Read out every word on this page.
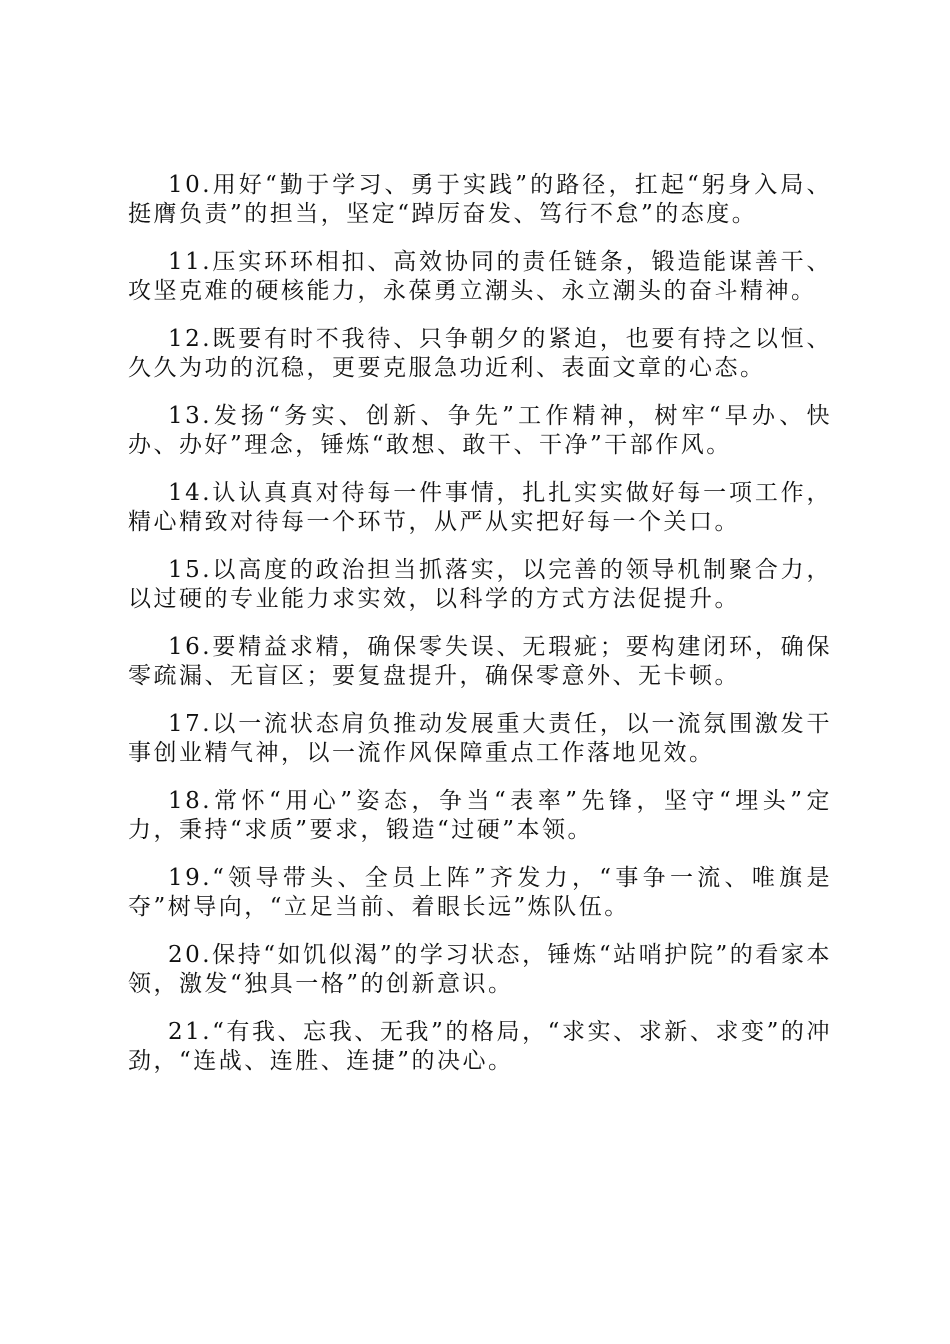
10.用好“勤于学习、勇于实践”的路径，扛起“躬身入局、挺膺负责”的担当，坚定“踔厉奋发、笃行不怠”的态度。

11.压实环环相扣、高效协同的责任链条，锻造能谋善干、攻坚克难的硬核能力，永葆勇立潮头、永立潮头的奋斗精神。

12.既要有时不我待、只争朝夕的紧迫，也要有持之以恒、久久为功的沉稳，更要克服急功近利、表面文章的心态。

13.发扬“务实、创新、争先”工作精神，树牢“早办、快办、办好”理念，锤炼“敢想、敢干、干净”干部作风。

14.认认真真对待每一件事情，扎扎实实做好每一项工作，精心精致对待每一个环节，从严从实把好每一个关口。

15.以高度的政治担当抓落实，以完善的领导机制聚合力，以过硬的专业能力求实效，以科学的方式方法促提升。

16.要精益求精，确保零失误、无瑕疵；要构建闭环，确保零疏漏、无盲区；要复盘提升，确保零意外、无卡顿。

17.以一流状态肩负推动发展重大责任，以一流氛围激发干事创业精气神，以一流作风保障重点工作落地见效。

18.常怀“用心”姿态，争当“表率”先锋，坚守“埋头”定力，秉持“求质”要求，锻造“过硬”本领。

19.“领导带头、全员上阵”齐发力，“事争一流、唯旗是夺”树导向，“立足当前、着眼长远”炼队伍。

20.保持“如饥似渴”的学习状态，锤炼“站哨护院”的看家本领，激发“独具一格”的创新意识。

21.“有我、忘我、无我”的格局，“求实、求新、求变”的冲劲，“连战、连胜、连捷”的决心。
